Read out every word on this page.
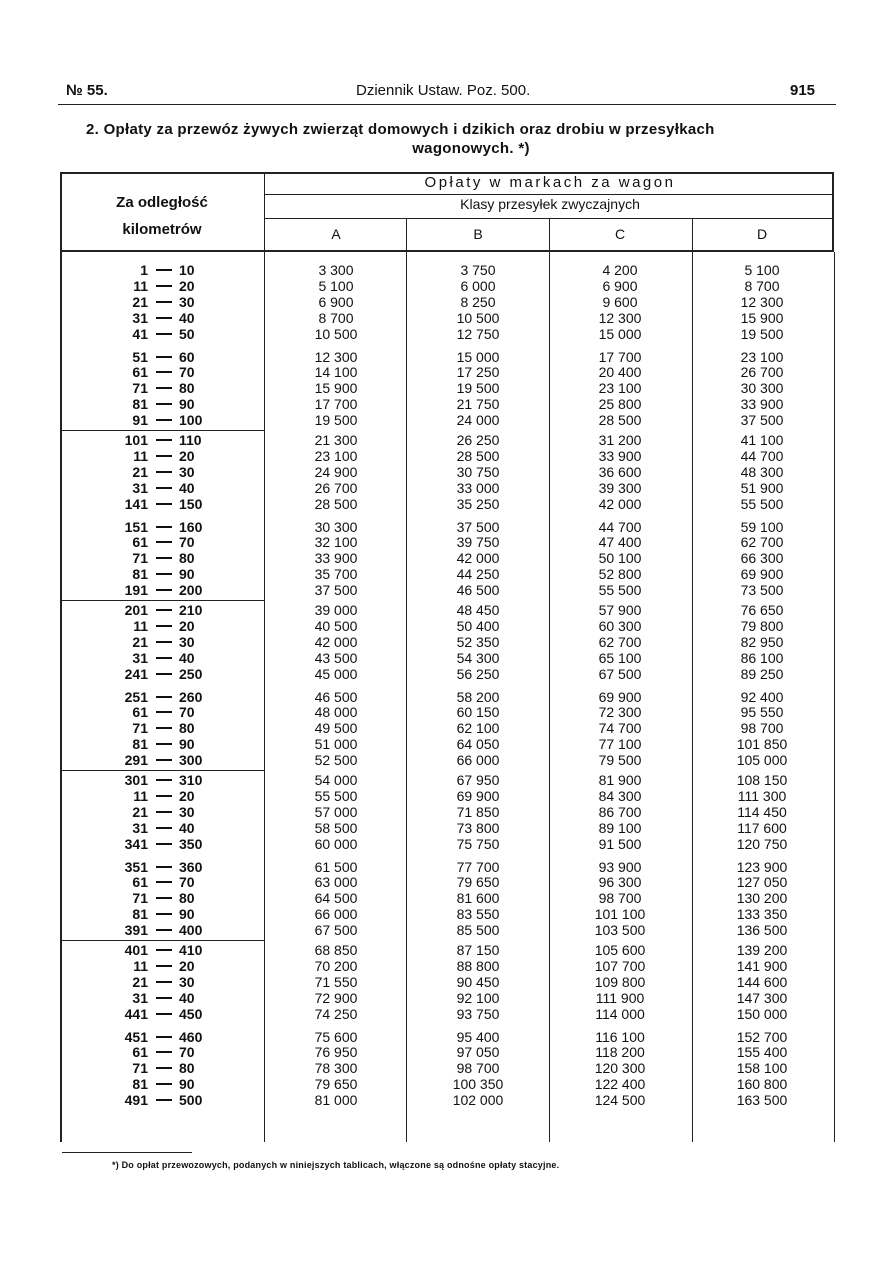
№ 55.	Dziennik Ustaw. Poz. 500.	915
2. Opłaty za przewóz żywych zwierząt domowych i dzikich oraz drobiu w przesyłkach
wagonowych. *)
Za odległość
kilometrów
Opłaty w markach za wagon
Klasy przesyłek zwyczajnych
A	B	C	D
1 10	3 300	3 750	4 200	5 100
11 20	5 100	6 000	6 900	8 700
21 30	6 900	8 250	9 600	12 300
31 40	8 700	10 500	12 300	15 900
41 50	10 500	12 750	15 000	19 500
51 60	12 300	15 000	17 700	23 100
61 70	14 100	17 250	20 400	26 700
71 80	15 900	19 500	23 100	30 300
81 90	17 700	21 750	25 800	33 900
91 100	19 500	24 000	28 500	37 500
101 110	21 300	26 250	31 200	41 100
11 20	23 100	28 500	33 900	44 700
21 30	24 900	30 750	36 600	48 300
31 40	26 700	33 000	39 300	51 900
141 150	28 500	35 250	42 000	55 500
151 160	30 300	37 500	44 700	59 100
61 70	32 100	39 750	47 400	62 700
71 80	33 900	42 000	50 100	66 300
81 90	35 700	44 250	52 800	69 900
191 200	37 500	46 500	55 500	73 500
201 210	39 000	48 450	57 900	76 650
11 20	40 500	50 400	60 300	79 800
21 30	42 000	52 350	62 700	82 950
31 40	43 500	54 300	65 100	86 100
241 250	45 000	56 250	67 500	89 250
251 260	46 500	58 200	69 900	92 400
61 70	48 000	60 150	72 300	95 550
71 80	49 500	62 100	74 700	98 700
81 90	51 000	64 050	77 100	101 850
291 300	52 500	66 000	79 500	105 000
301 310	54 000	67 950	81 900	108 150
11 20	55 500	69 900	84 300	111 300
21 30	57 000	71 850	86 700	114 450
31 40	58 500	73 800	89 100	117 600
341 350	60 000	75 750	91 500	120 750
351 360	61 500	77 700	93 900	123 900
61 70	63 000	79 650	96 300	127 050
71 80	64 500	81 600	98 700	130 200
81 90	66 000	83 550	101 100	133 350
391 400	67 500	85 500	103 500	136 500
401 410	68 850	87 150	105 600	139 200
11 20	70 200	88 800	107 700	141 900
21 30	71 550	90 450	109 800	144 600
31 40	72 900	92 100	111 900	147 300
441 450	74 250	93 750	114 000	150 000
451 460	75 600	95 400	116 100	152 700
61 70	76 950	97 050	118 200	155 400
71 80	78 300	98 700	120 300	158 100
81 90	79 650	100 350	122 400	160 800
491 500	81 000	102 000	124 500	163 500
*) Do opłat przewozowych, podanych w niniejszych tablicach, włączone są odnośne opłaty stacyjne.
